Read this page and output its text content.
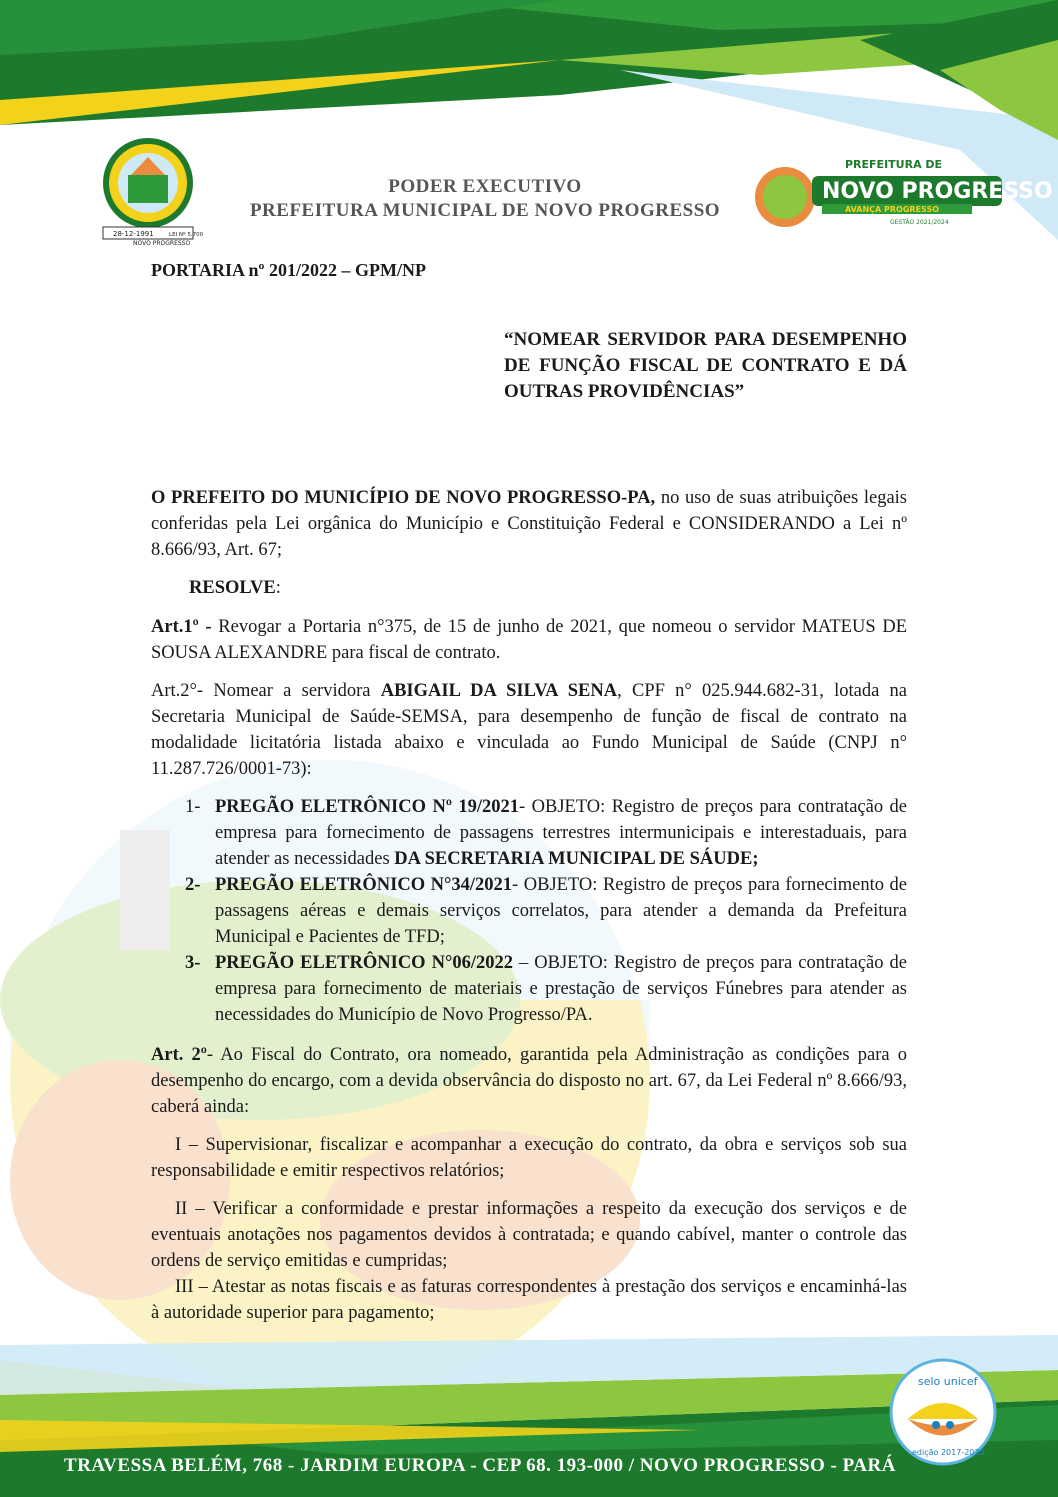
28-12-1991
NOVO PROGRESSO
LEI Nº 5.700
PODER EXECUTIVO
PREFEITURA MUNICIPAL DE NOVO PROGRESSO
PREFEITURA DE
NOVO PROGRESSO
AVANÇA PROGRESSO
GESTÃO 2021/2024
PORTARIA nº 201/2022 – GPM/NP
“NOMEAR SERVIDOR PARA DESEMPENHO DE FUNÇÃO FISCAL DE CONTRATO E DÁ OUTRAS PROVIDÊNCIAS”

O PREFEITO DO MUNICÍPIO DE NOVO PROGRESSO-PA, no uso de suas atribuições legais conferidas pela Lei orgânica do Município e Constituição Federal e CONSIDERANDO a Lei nº 8.666/93, Art. 67;

RESOLVE:

Art.1º - Revogar a Portaria n°375, de 15 de junho de 2021, que nomeou o servidor MATEUS DE SOUSA ALEXANDRE para fiscal de contrato.

Art.2°- Nomear a servidora ABIGAIL DA SILVA SENA, CPF n° 025.944.682-31, lotada na Secretaria Municipal de Saúde-SEMSA, para desempenho de função de fiscal de contrato na modalidade licitatória listada abaixo e vinculada ao Fundo Municipal de Saúde (CNPJ n° 11.287.726/0001-73):

1- PREGÃO ELETRÔNICO Nº 19/2021- OBJETO: Registro de preços para contratação de empresa para fornecimento de passagens terrestres intermunicipais e interestaduais, para atender as necessidades DA SECRETARIA MUNICIPAL DE SÁUDE;
2- PREGÃO ELETRÔNICO N°34/2021- OBJETO: Registro de preços para fornecimento de passagens aéreas e demais serviços correlatos, para atender a demanda da Prefeitura Municipal e Pacientes de TFD;
3- PREGÃO ELETRÔNICO N°06/2022 – OBJETO: Registro de preços para contratação de empresa para fornecimento de materiais e prestação de serviços Fúnebres para atender as necessidades do Município de Novo Progresso/PA.

Art. 2º- Ao Fiscal do Contrato, ora nomeado, garantida pela Administração as condições para o desempenho do encargo, com a devida observância do disposto no art. 67, da Lei Federal nº 8.666/93, caberá ainda:

I – Supervisionar, fiscalizar e acompanhar a execução do contrato, da obra e serviços sob sua responsabilidade e emitir respectivos relatórios;

II – Verificar a conformidade e prestar informações a respeito da execução dos serviços e de eventuais anotações nos pagamentos devidos à contratada; e quando cabível, manter o controle das ordens de serviço emitidas e cumpridas;

III – Atestar as notas fiscais e as faturas correspondentes à prestação dos serviços e encaminhá-las à autoridade superior para pagamento;

selo unicef
edição 2017-2020
TRAVESSA BELÉM, 768 - JARDIM EUROPA - CEP 68. 193-000 / NOVO PROGRESSO - PARÁ
